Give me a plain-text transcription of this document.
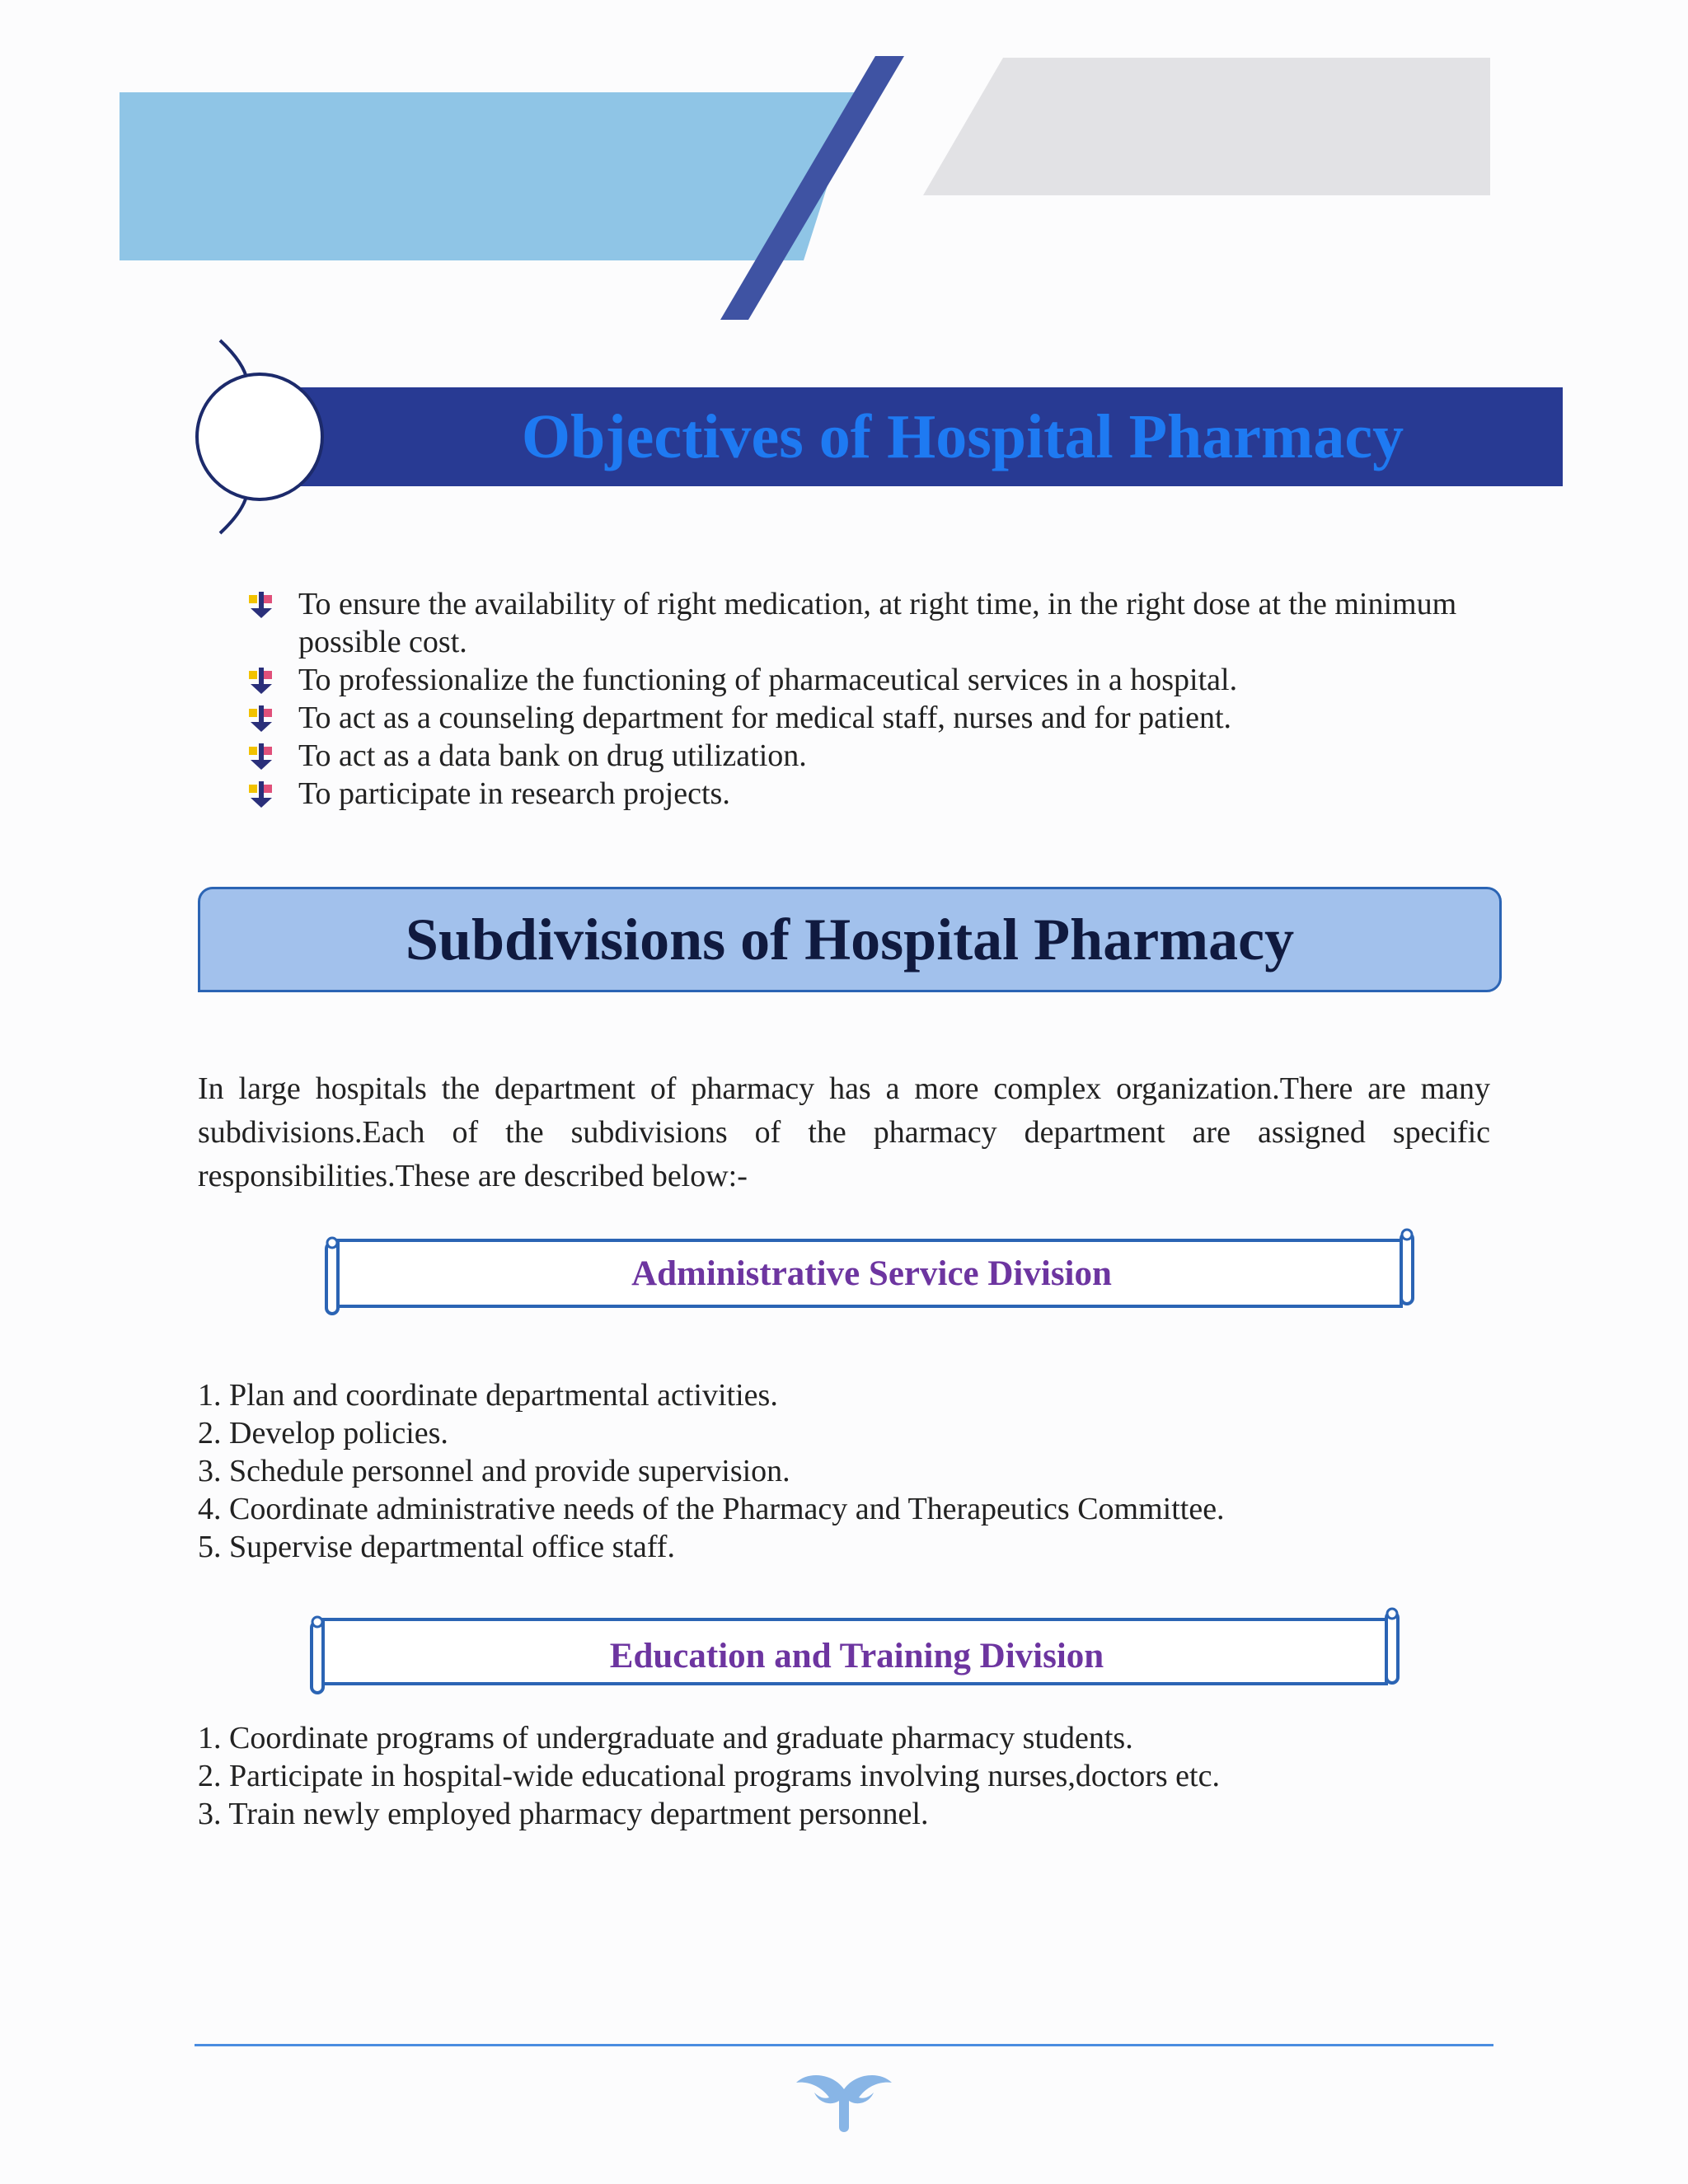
Objectives of Hospital Pharmacy
To ensure the availability of right medication, at right time, in the right dose at the minimum possible cost.
To professionalize the functioning of pharmaceutical services in a hospital.
To act as a counseling department for medical staff, nurses and for patient.
To act as a data bank on drug utilization.
To participate in research projects.
Subdivisions of Hospital Pharmacy

In large hospitals the department of pharmacy has a more complex organization.There are many subdivisions.Each of the subdivisions of the pharmacy department are assigned specific responsibilities.These are described below:-

Administrative Service Division
1. Plan and coordinate departmental activities.
2. Develop policies.
3. Schedule personnel and provide supervision.
4. Coordinate administrative needs of the Pharmacy and Therapeutics Committee.
5. Supervise departmental office staff.
Education and Training Division
1. Coordinate programs of undergraduate and graduate pharmacy students.
2. Participate in hospital-wide educational programs involving nurses,doctors etc.
3. Train newly employed pharmacy department personnel.
